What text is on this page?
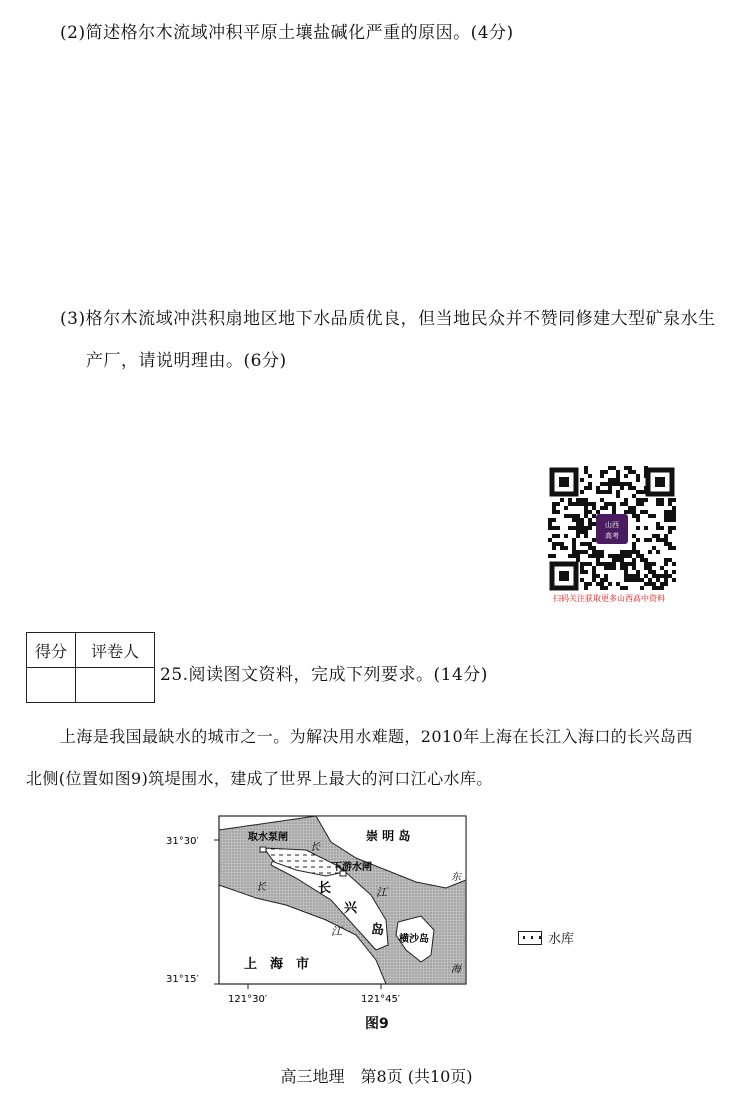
(2)简述格尔木流域冲积平原土壤盐碱化严重的原因。(4分)
(3)格尔木流域冲洪积扇地区地下水品质优良，但当地民众并不赞同修建大型矿泉水生
产厂，请说明理由。(6分)
山西
高考
扫码关注获取更多山西高中资料
得分	评卷人

25.阅读图文资料，完成下列要求。(14分)
上海是我国最缺水的城市之一。为解决用水难题，2010年上海在长江入海口的长兴岛西
北侧(位置如图9)筑堤围水，建成了世界上最大的河口江心水库。
31°30′
31°15′
121°30′	121°45′
取水泵闸	崇 明 岛
下游水闸
长
江
长
江
长
兴
岛
横沙岛
上　海　市
东
海
水库
图9
高三地理　第8页 (共10页)
